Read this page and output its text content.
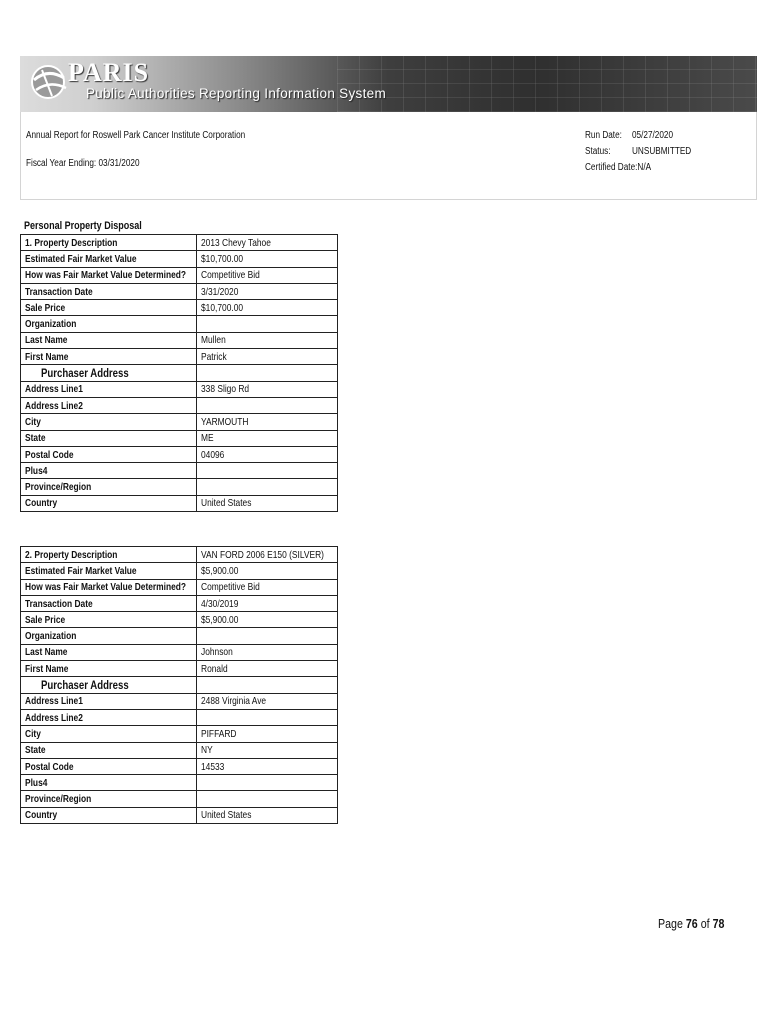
PARIS
Public Authorities Reporting Information System
Annual Report for Roswell Park Cancer Institute Corporation
Fiscal Year Ending: 03/31/2020
Run Date:	05/27/2020
Status:	UNSUBMITTED
Certified Date:N/A
Personal Property Disposal
1. Property Description	2013 Chevy Tahoe
Estimated Fair Market Value	$10,700.00
How was Fair Market Value Determined?	Competitive Bid
Transaction Date	3/31/2020
Sale Price	$10,700.00
Organization	
Last Name	Mullen
First Name	Patrick
Purchaser Address	
Address Line1	338 Sligo Rd
Address Line2	
City	YARMOUTH
State	ME
Postal Code	04096
Plus4	
Province/Region	
Country	United States
2. Property Description	VAN FORD 2006 E150 (SILVER)
Estimated Fair Market Value	$5,900.00
How was Fair Market Value Determined?	Competitive Bid
Transaction Date	4/30/2019
Sale Price	$5,900.00
Organization	
Last Name	Johnson
First Name	Ronald
Purchaser Address	
Address Line1	2488 Virginia Ave
Address Line2	
City	PIFFARD
State	NY
Postal Code	14533
Plus4	
Province/Region	
Country	United States
Page 76 of 78
